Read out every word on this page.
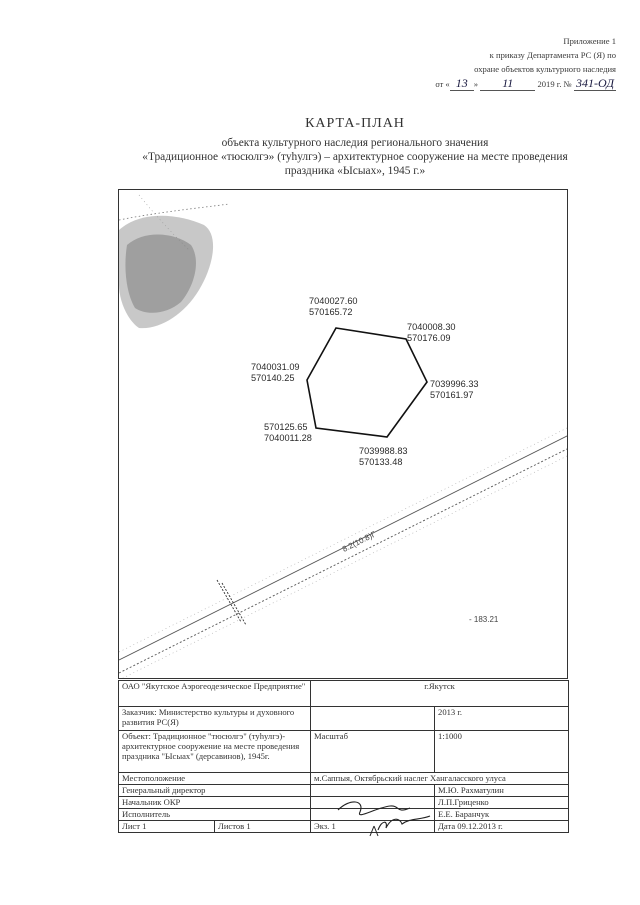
Приложение 1
к приказу Департамента РС (Я) по
охране объектов культурного наследия
от « 13 » 11	2019 г. № 341-ОД
КАРТА-ПЛАН
объекта культурного наследия регионального значения
«Традиционное «тюсюлгэ» (туһулгэ) – архитектурное сооружение на месте проведения
праздника «Ысыах», 1945 г.»
8.2(10.8)Г
- 183.21
7040027.60
570165.72
7040008.30
570176.09
7039996.33
570161.97
7039988.83
570133.48
570125.65
7040011.28
7040031.09
570140.25
ОАО "Якутское Аэрогеодезическое Предприятие"		г.Якутск	
Заказчик: Министерство культуры и духовного развития РС(Я)			2013 г.
Объект: Традиционное "тюсюлгэ" (туһулгэ)-архитектурное сооружение на месте проведения праздника "Ысыах" (дерсавинов), 1945г.		Масштаб	1:1000
Местоположение		м.Саппыя, Октябрьский наслег Хангаласского улуса	
Генеральный директор			М.Ю. Рахматулин
Начальник ОКР			Л.П.Гриценко
Исполнитель			Е.Е. Баранчук
Лист 1	Листов 1	Экз. 1	Дата 09.12.2013 г.
